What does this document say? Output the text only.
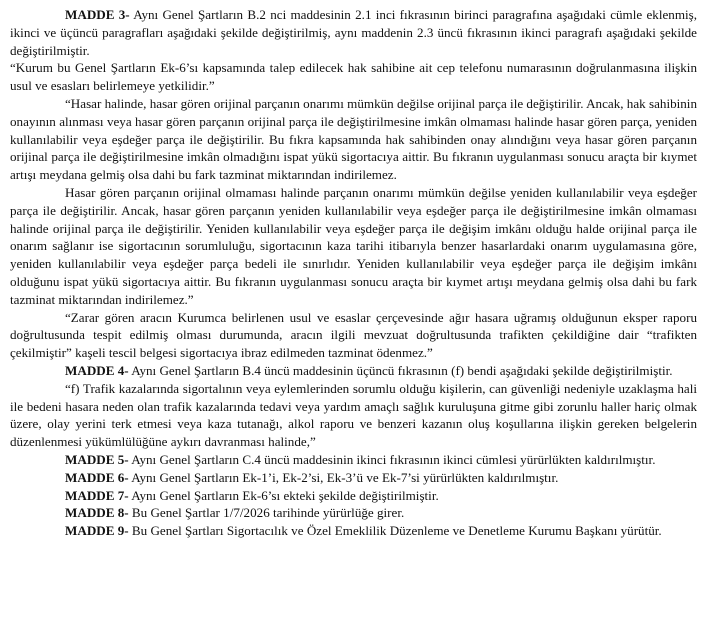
MADDE 3- Aynı Genel Şartların B.2 nci maddesinin 2.1 inci fıkrasının birinci paragrafına aşağıdaki cümle eklenmiş, ikinci ve üçüncü paragrafları aşağıdaki şekilde değiştirilmiş, aynı maddenin 2.3 üncü fıkrasının ikinci paragrafı aşağıdaki şekilde değiştirilmiştir.

“Kurum bu Genel Şartların Ek-6’sı kapsamında talep edilecek hak sahibine ait cep telefonu numarasının doğrulanmasına ilişkin usul ve esasları belirlemeye yetkilidir.”

“Hasar halinde, hasar gören orijinal parçanın onarımı mümkün değilse orijinal parça ile değiştirilir. Ancak, hak sahibinin onayının alınması veya hasar gören parçanın orijinal parça ile değiştirilmesine imkân olmaması halinde hasar gören parça, yeniden kullanılabilir veya eşdeğer parça ile değiştirilir. Bu fıkra kapsamında hak sahibinden onay alındığını veya hasar gören parçanın orijinal parça ile değiştirilmesine imkân olmadığını ispat yükü sigortacıya aittir. Bu fıkranın uygulanması sonucu araçta bir kıymet artışı meydana gelmiş olsa dahi bu fark tazminat miktarından indirilemez.

Hasar gören parçanın orijinal olmaması halinde parçanın onarımı mümkün değilse yeniden kullanılabilir veya eşdeğer parça ile değiştirilir. Ancak, hasar gören parçanın yeniden kullanılabilir veya eşdeğer parça ile değiştirilmesine imkân olmaması halinde orijinal parça ile değiştirilir. Yeniden kullanılabilir veya eşdeğer parça ile değişim imkânı olduğu halde orijinal parça ile onarım sağlanır ise sigortacının sorumluluğu, sigortacının kaza tarihi itibarıyla benzer hasarlardaki onarım uygulamasına göre, yeniden kullanılabilir veya eşdeğer parça bedeli ile sınırlıdır. Yeniden kullanılabilir veya eşdeğer parça ile değişim imkânı olduğunu ispat yükü sigortacıya aittir. Bu fıkranın uygulanması sonucu araçta bir kıymet artışı meydana gelmiş olsa dahi bu fark tazminat miktarından indirilemez.”

“Zarar gören aracın Kurumca belirlenen usul ve esaslar çerçevesinde ağır hasara uğramış olduğunun eksper raporu doğrultusunda tespit edilmiş olması durumunda, aracın ilgili mevzuat doğrultusunda trafikten çekildiğine dair “trafikten çekilmiştir” kaşeli tescil belgesi sigortacıya ibraz edilmeden tazminat ödenmez.”

MADDE 4- Aynı Genel Şartların B.4 üncü maddesinin üçüncü fıkrasının (f) bendi aşağıdaki şekilde değiştirilmiştir.

“f) Trafik kazalarında sigortalının veya eylemlerinden sorumlu olduğu kişilerin, can güvenliği nedeniyle uzaklaşma hali ile bedeni hasara neden olan trafik kazalarında tedavi veya yardım amaçlı sağlık kuruluşuna gitme gibi zorunlu haller hariç olmak üzere, olay yerini terk etmesi veya kaza tutanağı, alkol raporu ve benzeri kazanın oluş koşullarına ilişkin gereken belgelerin düzenlenmesi yükümlülüğüne aykırı davranması halinde,”

MADDE 5- Aynı Genel Şartların C.4 üncü maddesinin ikinci fıkrasının ikinci cümlesi yürürlükten kaldırılmıştır.

MADDE 6- Aynı Genel Şartların Ek-1’i, Ek-2’si, Ek-3’ü ve Ek-7’si yürürlükten kaldırılmıştır.

MADDE 7- Aynı Genel Şartların Ek-6’sı ekteki şekilde değiştirilmiştir.

MADDE 8- Bu Genel Şartlar 1/7/2026 tarihinde yürürlüğe girer.

MADDE 9- Bu Genel Şartları Sigortacılık ve Özel Emeklilik Düzenleme ve Denetleme Kurumu Başkanı yürütür.
